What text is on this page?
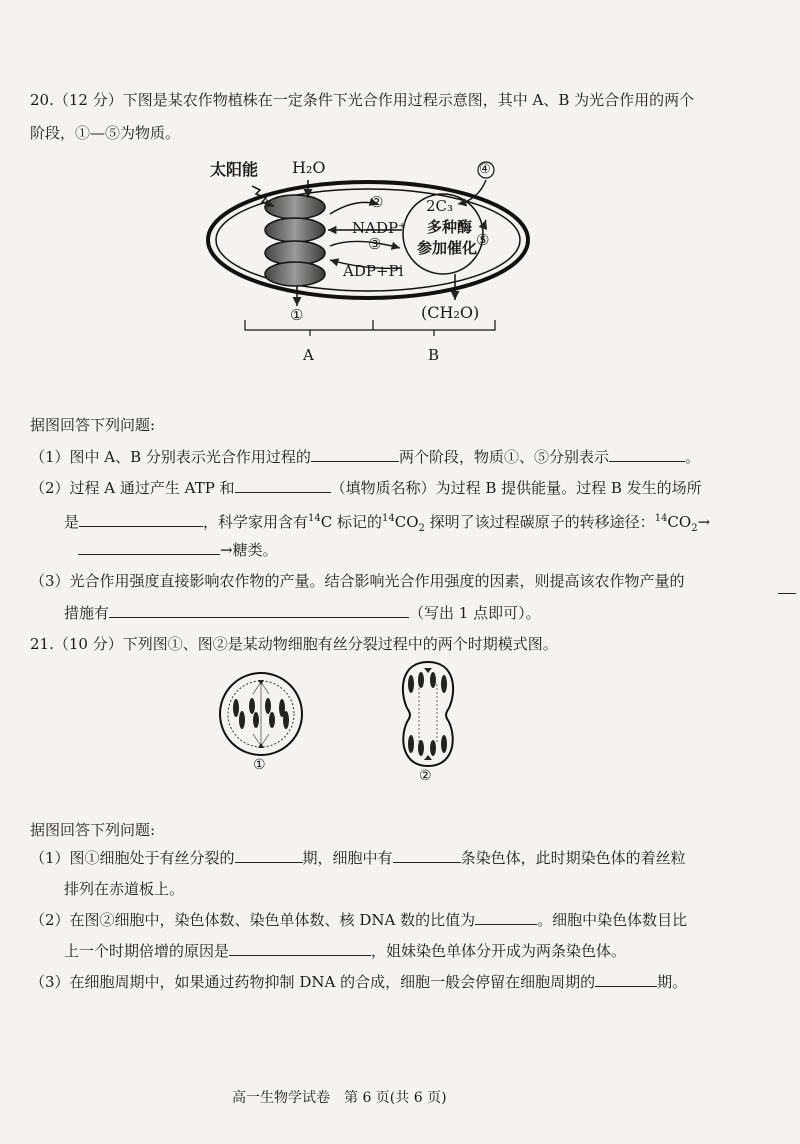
20.（12 分）下图是某农作物植株在一定条件下光合作用过程示意图，其中 A、B 为光合作用的两个
阶段，①—⑤为物质。
太阳能 H₂O	④
②	2C₃
NADP⁺ 多种酶
③ 参加催化
⑤
ADP+Pi
①	(CH₂O)
A	B
据图回答下列问题:
（1）图中 A、B 分别表示光合作用过程的	两个阶段，物质①、⑤分别表示	。
（2）过程 A 通过产生 ATP 和	（填物质名称）为过程 B 提供能量。过程 B 发生的场所
是	，科学家用含有$^{14}$C 标记的$^{14}CO_2$ 探明了该过程碳原子的转移途径：$^{14}CO_2\to$
→糖类。
（3）光合作用强度直接影响农作物的产量。结合影响光合作用强度的因素，则提高该农作物产量的
措施有	（写出 1 点即可）。
21.（10 分）下列图①、图②是某动物细胞有丝分裂过程中的两个时期模式图。
①
②
据图回答下列问题:
（1）图①细胞处于有丝分裂的	期，细胞中有	条染色体，此时期染色体的着丝粒
排列在赤道板上。
（2）在图②细胞中，染色体数、染色单体数、核 DNA 数的比值为	。细胞中染色体数目比
上一个时期倍增的原因是	，姐妹染色单体分开成为两条染色体。
（3）在细胞周期中，如果通过药物抑制 DNA 的合成，细胞一般会停留在细胞周期的	期。
高一生物学试卷　第 6 页(共 6 页)
